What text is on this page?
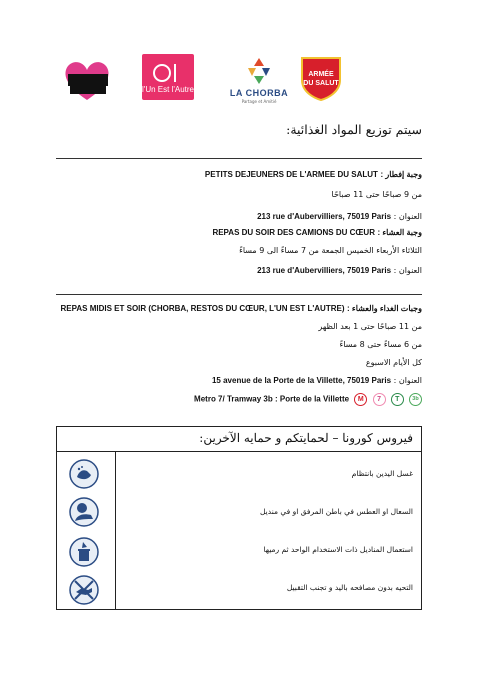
l'Un Est l'Autre	LA CHORBA
Partage et Amitié
ARMÉE
DU SALUT
سيتم توزيع المواد الغذائية:
وجبة إفطار : PETITS DEJEUNERS DE L'ARMEE DU SALUT
من 9 صباحًا حتى 11 صباحًا
العنوان : 213 rue d'Aubervilliers, 75019 Paris
وجبة العشاء : REPAS DU SOIR DES CAMIONS DU CŒUR
الثلاثاء الأربعاء الخميس الجمعة من 7 مساءً الى 9 مساءً
العنوان : 213 rue d'Aubervilliers, 75019 Paris
وجبات الغداء والعشاء : REPAS MIDIS ET SOIR (CHORBA, RESTOS DU CŒUR, L'UN EST L'AUTRE)
من 11 صباحًا حتى 1 بعد الظهر
من 6 مساءً حتى 8 مساءً
كل الأيام الاسبوع
العنوان : 15 avenue de la Porte de la Villette, 75019 Paris
Metro 7/ Tramway 3b : Porte de la Villette M 7 T 3b
فيروس كورونا – لحمايتكم و حمايه الآخرين:
غسل اليدين بانتظام
السعال او العطس في باطن المرفق او في منديل
استعمال المناديل ذات الاستخدام الواحد ثم رميها
التحيه بدون مصافحه باليد و تجنب التقبيل
